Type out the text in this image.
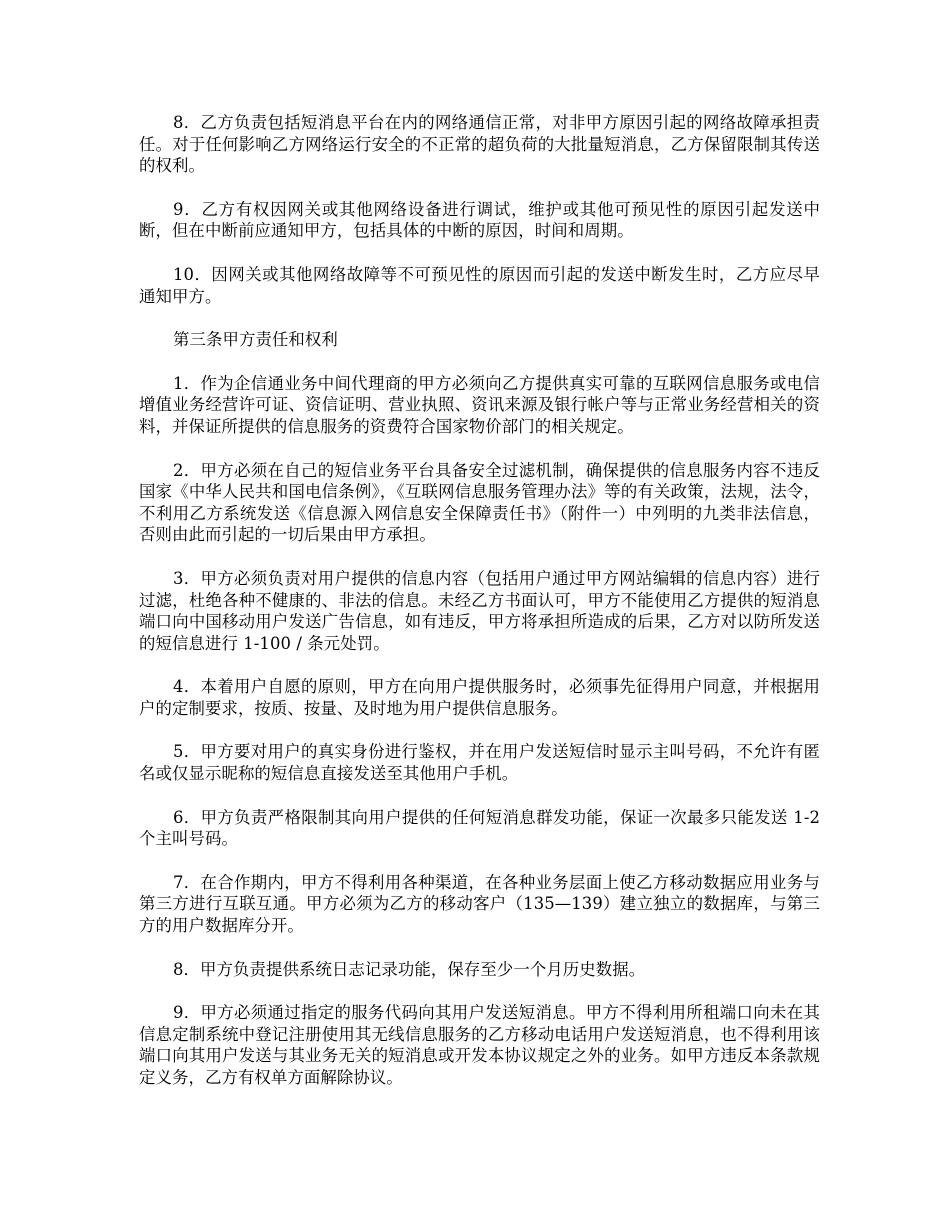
8．乙方负责包括短消息平台在内的网络通信正常，对非甲方原因引起的网络故障承担责任。对于任何影响乙方网络运行安全的不正常的超负荷的大批量短消息，乙方保留限制其传送的权利。

9．乙方有权因网关或其他网络设备进行调试，维护或其他可预见性的原因引起发送中断，但在中断前应通知甲方，包括具体的中断的原因，时间和周期。

10．因网关或其他网络故障等不可预见性的原因而引起的发送中断发生时，乙方应尽早通知甲方。

第三条甲方责任和权利

1．作为企信通业务中间代理商的甲方必须向乙方提供真实可靠的互联网信息服务或电信增值业务经营许可证、资信证明、营业执照、资讯来源及银行帐户等与正常业务经营相关的资料，并保证所提供的信息服务的资费符合国家物价部门的相关规定。

2．甲方必须在自己的短信业务平台具备安全过滤机制，确保提供的信息服务内容不违反国家《中华人民共和国电信条例》，《互联网信息服务管理办法》等的有关政策，法规，法令，不利用乙方系统发送《信息源入网信息安全保障责任书》（附件一）中列明的九类非法信息，否则由此而引起的一切后果由甲方承担。

3．甲方必须负责对用户提供的信息内容（包括用户通过甲方网站编辑的信息内容）进行过滤，杜绝各种不健康的、非法的信息。未经乙方书面认可，甲方不能使用乙方提供的短消息端口向中国移动用户发送广告信息，如有违反，甲方将承担所造成的后果，乙方对以防所发送的短信息进行 1-100 / 条元处罚。

4．本着用户自愿的原则，甲方在向用户提供服务时，必须事先征得用户同意，并根据用户的定制要求，按质、按量、及时地为用户提供信息服务。

5．甲方要对用户的真实身份进行鉴权，并在用户发送短信时显示主叫号码，不允许有匿名或仅显示昵称的短信息直接发送至其他用户手机。

6．甲方负责严格限制其向用户提供的任何短消息群发功能，保证一次最多只能发送 1-2 个主叫号码。

7．在合作期内，甲方不得利用各种渠道，在各种业务层面上使乙方移动数据应用业务与第三方进行互联互通。甲方必须为乙方的移动客户（135—139）建立独立的数据库，与第三方的用户数据库分开。

8．甲方负责提供系统日志记录功能，保存至少一个月历史数据。

9．甲方必须通过指定的服务代码向其用户发送短消息。甲方不得利用所租端口向未在其信息定制系统中登记注册使用其无线信息服务的乙方移动电话用户发送短消息，也不得利用该端口向其用户发送与其业务无关的短消息或开发本协议规定之外的业务。如甲方违反本条款规定义务，乙方有权单方面解除协议。
